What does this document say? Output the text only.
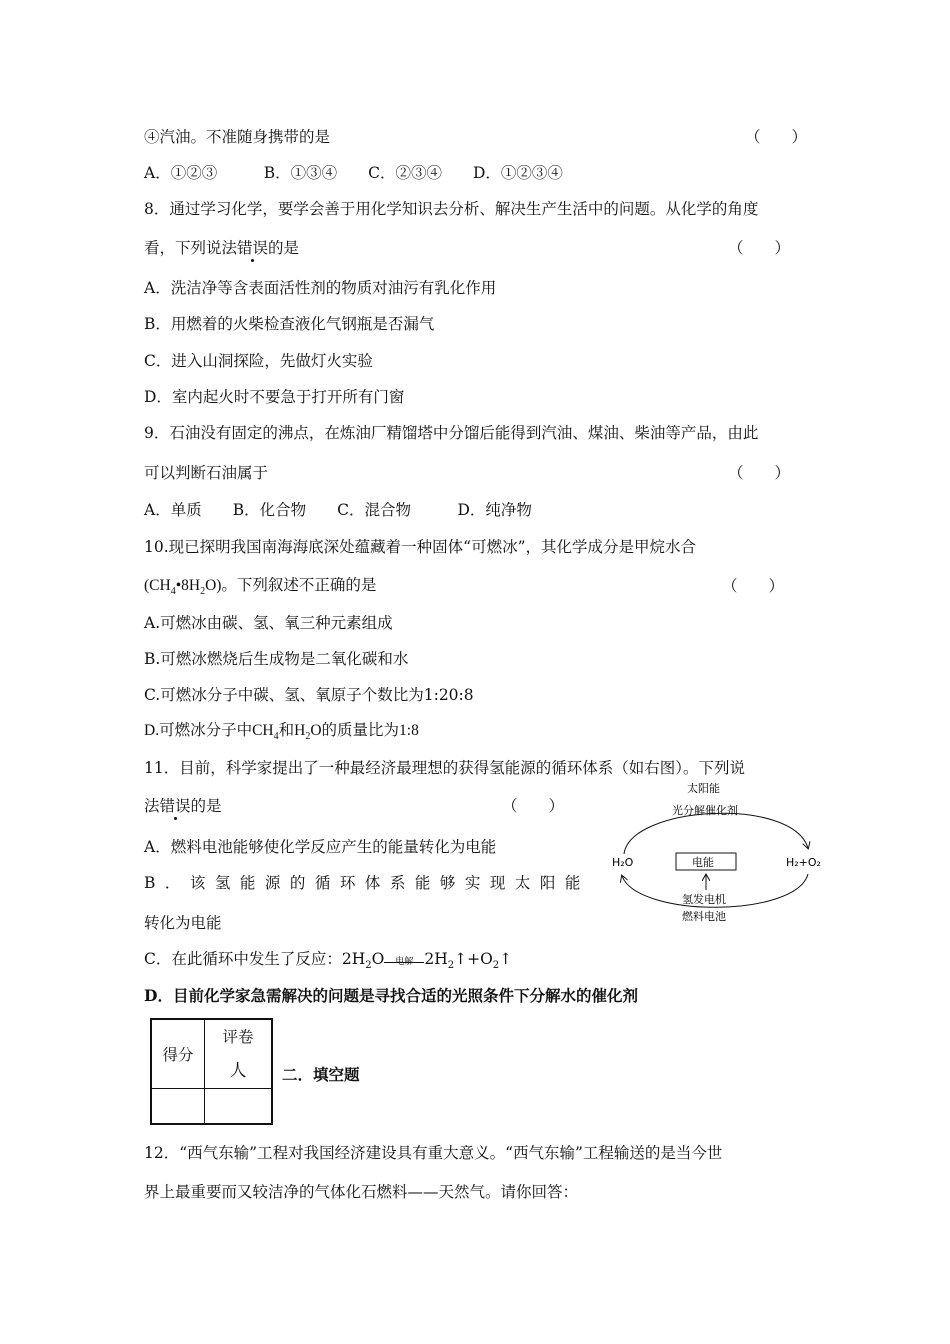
④汽油。不准随身携带的是	（　　）
A．①②③　　　B．①③④　　C．②③④　　D．①②③④
8．通过学习化学，要学会善于用化学知识去分析、解决生产生活中的问题。从化学的角度
看，下列说法错误的是	（　　）
A．洗洁净等含表面活性剂的物质对油污有乳化作用
B．用燃着的火柴检查液化气钢瓶是否漏气
C．进入山洞探险，先做灯火实验
D．室内起火时不要急于打开所有门窗
9．石油没有固定的沸点，在炼油厂精馏塔中分馏后能得到汽油、煤油、柴油等产品，由此
可以判断石油属于	（　　）
A．单质　　B．化合物　　C．混合物　　　D．纯净物
10.现已探明我国南海海底深处蕴藏着一种固体“可燃冰”，其化学成分是甲烷水合
$(CH_4•8H_2O)$。下列叙述不正确的是	（　　）
A.可燃冰由碳、氢、氧三种元素组成
B.可燃冰燃烧后生成物是二氧化碳和水
C.可燃冰分子中碳、氢、氧原子个数比为1:20:8
D.可燃冰分子中$CH_4$和$H_2O$的质量比为1:8
11．目前，科学家提出了一种最经济最理想的获得氢能源的循环体系（如右图）。下列说
法错误的是	（　　）
A．燃料电池能够使化学反应产生的能量转化为电能
B．该氢能源的循环体系能够实现太阳能
转化为电能
C．在此循环中发生了反应：$2H_2O$ 电解 $2H_2↑+O_2↑$
D．目前化学家急需解决的问题是寻找合适的光照条件下分解水的催化剂
太阳能
光分解催化剂
H₂O	电能	H₂+O₂
氢发电机
燃料电池
得分	评卷
人
	二．填空题
12．“西气东输”工程对我国经济建设具有重大意义。“西气东输”工程输送的是当今世
界上最重要而又较洁净的气体化石燃料——天然气。请你回答：
